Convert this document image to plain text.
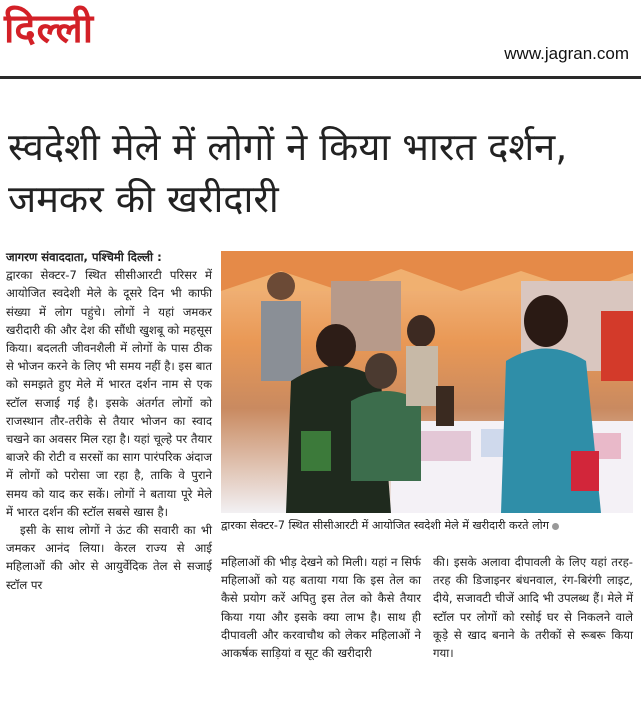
दिल्ली
www.jagran.com
स्वदेशी मेले में लोगों ने किया भारत दर्शन, जमकर की खरीदारी

जागरण संवाददाता, पश्चिमी दिल्ली :

द्वारका सेक्टर-7 स्थित सीसीआरटी परिसर में आयोजित स्वदेशी मेले के दूसरे दिन भी काफी संख्या में लोग पहुंचे। लोगों ने यहां जमकर खरीदारी की और देश की सौंधी खुशबू को महसूस किया। बदलती जीवनशैली में लोगों के पास ठीक से भोजन करने के लिए भी समय नहीं है। इस बात को समझते हुए मेले में भारत दर्शन नाम से एक स्टॉल सजाई गई है। इसके अंतर्गत लोगों को राजस्थान तौर-तरीके से तैयार भोजन का स्वाद चखने का अवसर मिल रहा है। यहां चूल्हे पर तैयार बाजरे की रोटी व सरसों का साग पारंपरिक अंदाज में लोगों को परोसा जा रहा है, ताकि वे पुराने समय को याद कर सकें। लोगों ने बताया पूरे मेले में भारत दर्शन की स्टॉल सबसे खास है।

इसी के साथ लोगों ने ऊंट की सवारी का भी जमकर आनंद लिया। केरल राज्य से आई महिलाओं की ओर से आयुर्वेदिक तेल से सजाई स्टॉल पर

द्वारका सेक्टर-7 स्थित सीसीआरटी में आयोजित स्वदेशी मेले में खरीदारी करते लोग

महिलाओं की भीड़ देखने को मिली। यहां न सिर्फ महिलाओं को यह बताया गया कि इस तेल का कैसे प्रयोग करें अपितु इस तेल को कैसे तैयार किया गया और इसके क्या लाभ है। साथ ही दीपावली और करवाचौथ को लेकर महिलाओं ने आकर्षक साड़ियां व सूट की खरीदारी

की। इसके अलावा दीपावली के लिए यहां तरह-तरह की डिजाइनर बंधनवाल, रंग-बिरंगी लाइट, दीये, सजावटी चीजें आदि भी उपलब्ध हैं। मेले में स्टॉल पर लोगों को रसोई घर से निकलने वाले कूड़े से खाद बनाने के तरीकों से रूबरू किया गया।
